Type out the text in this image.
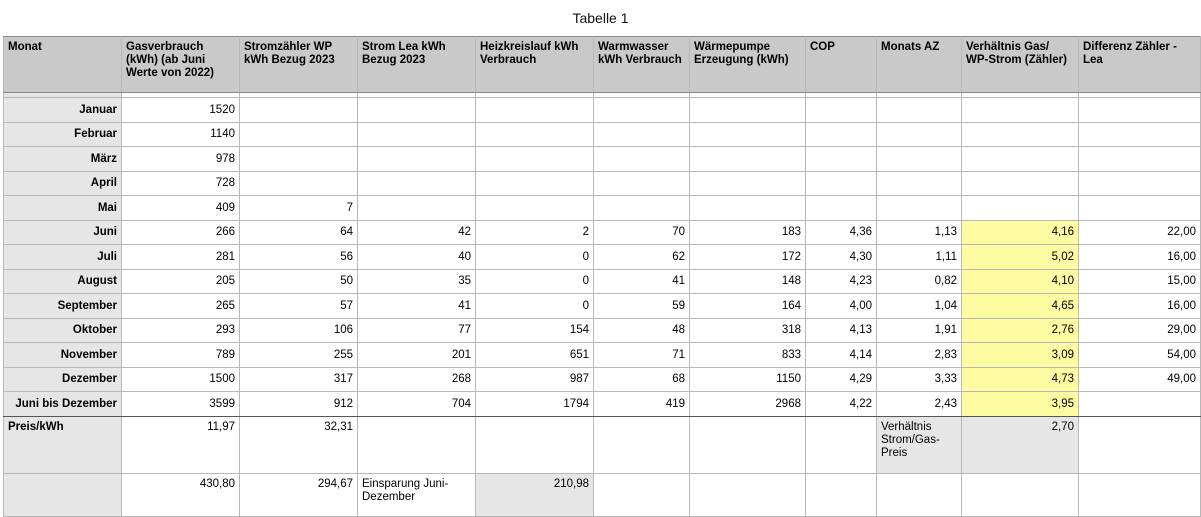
Tabelle 1
Monat	Gasverbrauch (kWh) (ab Juni Werte von 2022)	Stromzähler WP kWh Bezug 2023	Strom Lea kWh Bezug 2023	Heizkreislauf kWh Verbrauch	Warmwasser kWh Verbrauch	Wärmepumpe Erzeugung (kWh)	COP	Monats AZ	Verhältnis Gas/ WP-Strom (Zähler)	Differenz Zähler -Lea

Januar	1520									
Februar	1140									
März	978									
April	728									
Mai	409	7								
Juni	266	64	42	2	70	183	4,36	1,13	4,16	22,00
Juli	281	56	40	0	62	172	4,30	1,11	5,02	16,00
August	205	50	35	0	41	148	4,23	0,82	4,10	15,00
September	265	57	41	0	59	164	4,00	1,04	4,65	16,00
Oktober	293	106	77	154	48	318	4,13	1,91	2,76	29,00
November	789	255	201	651	71	833	4,14	2,83	3,09	54,00
Dezember	1500	317	268	987	68	1150	4,29	3,33	4,73	49,00
Juni bis Dezember	3599	912	704	1794	419	2968	4,22	2,43	3,95	
Preis/kWh	11,97	32,31						Verhältnis Strom/Gas-Preis	2,70	
	430,80	294,67	Einsparung Juni-Dezember	210,98						
